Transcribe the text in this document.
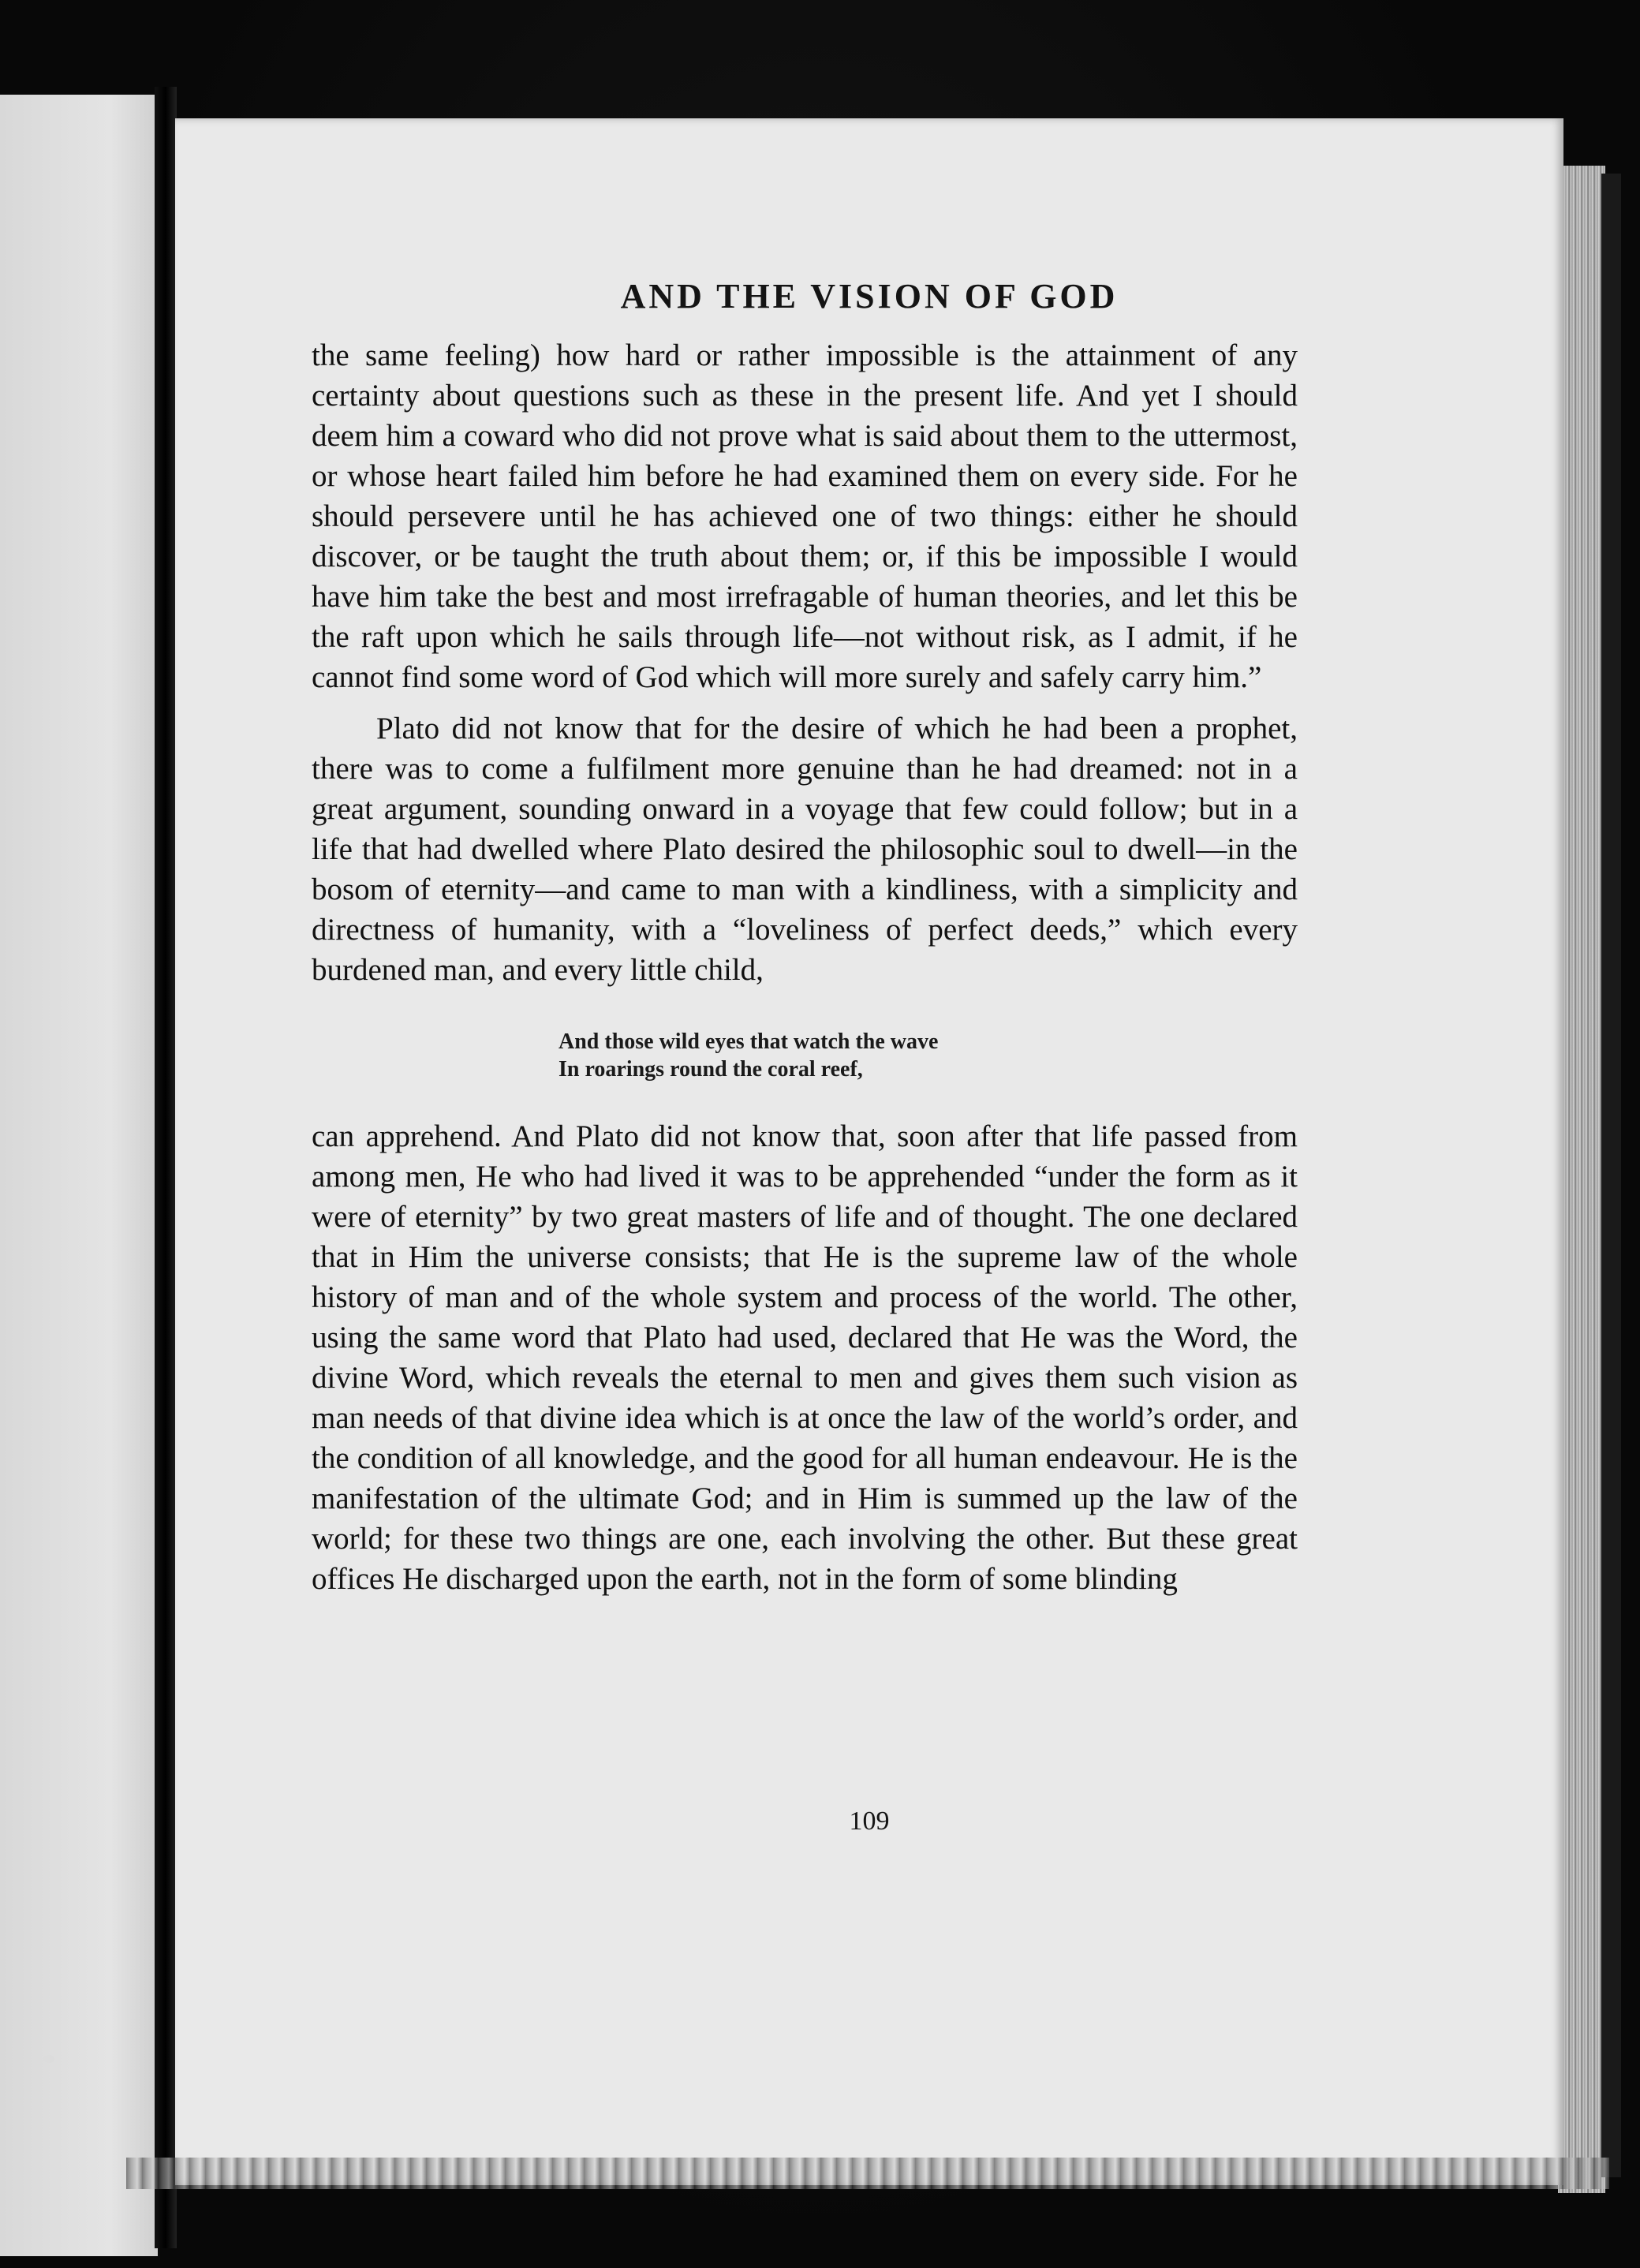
AND THE VISION OF GOD

the same feeling) how hard or rather impossible is the attainment of any certainty about questions such as these in the present life. And yet I should deem him a coward who did not prove what is said about them to the uttermost, or whose heart failed him before he had examined them on every side. For he should persevere until he has achieved one of two things: either he should discover, or be taught the truth about them; or, if this be impossible I would have him take the best and most irrefragable of human theories, and let this be the raft upon which he sails through life—not without risk, as I admit, if he cannot find some word of God which will more surely and safely carry him.”

Plato did not know that for the desire of which he had been a prophet, there was to come a fulfilment more genuine than he had dreamed: not in a great argument, sounding onward in a voyage that few could follow; but in a life that had dwelled where Plato desired the philosophic soul to dwell—in the bosom of eternity—and came to man with a kindliness, with a simplicity and directness of humanity, with a “loveliness of perfect deeds,” which every burdened man, and every little child,

And those wild eyes that watch the wave
In roarings round the coral reef,

can apprehend. And Plato did not know that, soon after that life passed from among men, He who had lived it was to be apprehended “under the form as it were of eternity” by two great masters of life and of thought. The one declared that in Him the universe consists; that He is the supreme law of the whole history of man and of the whole system and process of the world. The other, using the same word that Plato had used, declared that He was the Word, the divine Word, which reveals the eternal to men and gives them such vision as man needs of that divine idea which is at once the law of the world’s order, and the condition of all knowledge, and the good for all human endeavour. He is the manifestation of the ultimate God; and in Him is summed up the law of the world; for these two things are one, each involving the other. But these great offices He discharged upon the earth, not in the form of some blinding

109
